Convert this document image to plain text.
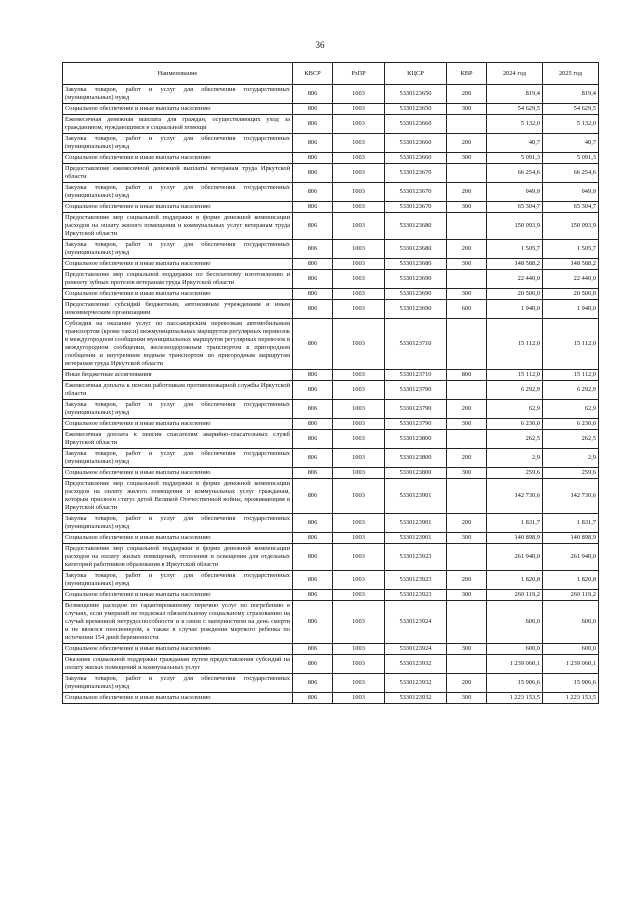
36
Наименование	КВСР	РзПР	КЦСР	КВР	2024 год	2025 год
Закупка товаров, работ и услуг для обеспечения государственных (муниципальных) нужд	806	1003	5330123650	200	819,4	819,4
Социальное обеспечение и иные выплаты населению	806	1003	5330123650	300	54 629,5	54 629,5
Ежемесячная денежная выплата для граждан, осуществляющих уход за гражданином, нуждающимся в социальной помощи	806	1003	5330123660		5 132,0	5 132,0
Закупка товаров, работ и услуг для обеспечения государственных (муниципальных) нужд	806	1003	5330123660	200	40,7	40,7
Социальное обеспечение и иные выплаты населению	806	1003	5330123660	300	5 091,3	5 091,3
Предоставление ежемесячной денежной выплаты ветеранам труда Иркутской области	806	1003	5330123670		66 254,6	66 254,6
Закупка товаров, работ и услуг для обеспечения государственных (муниципальных) нужд	806	1003	5330123670	200	949,9	949,9
Социальное обеспечение и иные выплаты населению	806	1003	5330123670	300	65 304,7	65 304,7
Предоставление мер социальной поддержки в форме денежной компенсации расходов на оплату жилого помещения и коммунальных услуг ветеранам труда Иркутской области	806	1003	5330123680		150 093,9	150 093,9
Закупка товаров, работ и услуг для обеспечения государственных (муниципальных) нужд	806	1003	5330123680	200	1 505,7	1 505,7
Социальное обеспечение и иные выплаты населению	806	1003	5330123680	300	148 588,2	148 588,2
Предоставление мер социальной поддержки по бесплатному изготовлению и ремонту зубных протезов ветеранам труда Иркутской области	806	1003	5330123690		22 440,0	22 440,0
Социальное обеспечение и иные выплаты населению	806	1003	5330123690	300	20 500,0	20 500,0
Предоставление субсидий бюджетным, автономным учреждениям и иным некоммерческим организациям	806	1003	5330123690	600	1 940,0	1 940,0
Субсидия на оказание услуг по пассажирским перевозкам автомобильным транспортом (кроме такси) межмуниципальных маршрутов регулярных перевозок в междугородном сообщении муниципальных маршрутов регулярных перевозок в междугородном сообщении, железнодорожным транспортом в пригородном сообщении и внутренним водным транспортом по пригородным маршрутам ветеранам труда Иркутской области	806	1003	5330123710		15 112,0	15 112,0
Иные бюджетные ассигнования	806	1003	5330123710	800	15 112,0	15 112,0
Ежемесячная доплата к пенсии работникам противопожарной службы Иркутской области	806	1003	5330123790		6 292,9	6 292,9
Закупка товаров, работ и услуг для обеспечения государственных (муниципальных) нужд	806	1003	5330123790	200	62,9	62,9
Социальное обеспечение и иные выплаты населению	806	1003	5330123790	300	6 230,0	6 230,0
Ежемесячная доплата к пенсии спасателям аварийно-спасательных служб Иркутской области	806	1003	5330123800		262,5	262,5
Закупка товаров, работ и услуг для обеспечения государственных (муниципальных) нужд	806	1003	5330123800	200	2,9	2,9
Социальное обеспечение и иные выплаты населению	806	1003	5330123800	300	259,6	259,6
Предоставление мер социальной поддержки в форме денежной компенсации расходов на оплату жилого помещения и коммунальных услуг гражданам, которым присвоен статус детей Великой Отечественной войны, проживающим в Иркутской области	806	1003	5330123901		142 730,6	142 730,6
Закупка товаров, работ и услуг для обеспечения государственных (муниципальных) нужд	806	1003	5330123901	200	1 831,7	1 831,7
Социальное обеспечение и иные выплаты населению	806	1003	5330123901	300	140 898,9	140 898,9
Предоставление мер социальной поддержки в форме денежной компенсации расходов на оплату жилых помещений, отопления и освещения для отдельных категорий работников образования в Иркутской области	806	1003	5330123923		261 940,0	261 940,0
Закупка товаров, работ и услуг для обеспечения государственных (муниципальных) нужд	806	1003	5330123923	200	1 820,8	1 820,8
Социальное обеспечение и иные выплаты населению	806	1003	5330123923	300	260 119,2	260 119,2
Возмещение расходов по гарантированному перечню услуг по погребению в случаях, если умерший не подлежал обязательному социальному страхованию на случай временной нетрудоспособности и в связи с материнством на день смерти и не являлся пенсионером, а также в случае рождения мертвого ребенка по истечении 154 дней беременности	806	1003	5330123924		600,0	600,0
Социальное обеспечение и иные выплаты населению	806	1003	5330123924	300	600,0	600,0
Оказание социальной поддержки гражданам путем предоставления субсидий на оплату жилых помещений и коммунальных услуг	806	1003	5330123932		1 239 060,1	1 239 060,1
Закупка товаров, работ и услуг для обеспечения государственных (муниципальных) нужд	806	1003	5330123932	200	15 906,6	15 906,6
Социальное обеспечение и иные выплаты населению	806	1003	5330123932	300	1 223 153,5	1 223 153,5
